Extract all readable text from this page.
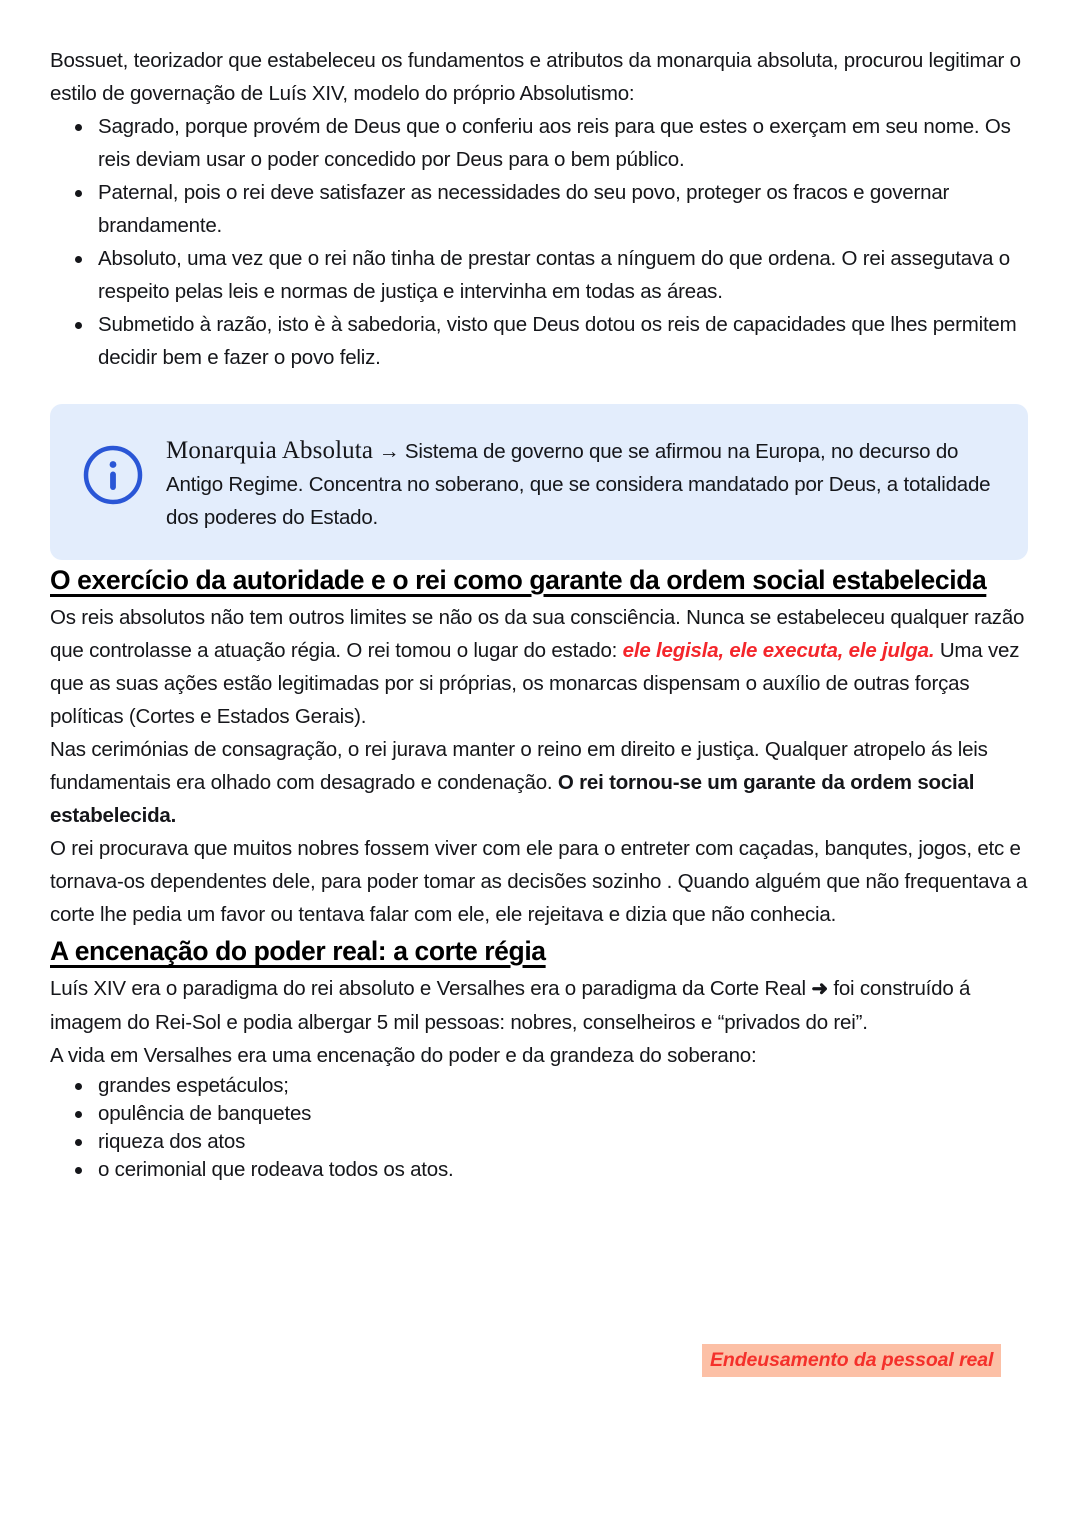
Bossuet, teorizador que estabeleceu os fundamentos e atributos da monarquia absoluta, procurou legitimar o estilo de governação de Luís XIV, modelo do próprio Absolutismo:

Sagrado, porque provém de Deus que o conferiu aos reis para que estes o exerçam em seu nome. Os reis deviam usar o poder concedido por Deus para o bem público.
Paternal, pois o rei deve satisfazer as necessidades do seu povo, proteger os fracos e governar brandamente.
Absoluto, uma vez que o rei não tinha de prestar contas a nínguem do que ordena. O rei assegutava o respeito pelas leis e normas de justiça e intervinha em todas as áreas.
Submetido à razão, isto è à sabedoria, visto que Deus dotou os reis de capacidades que lhes permitem decidir bem e fazer o povo feliz.
Monarquia Absoluta → Sistema de governo que se afirmou na Europa, no decurso do Antigo Regime. Concentra no soberano, que se considera mandatado por Deus, a totalidade dos poderes do Estado.
O exercício da autoridade e o rei como garante da ordem social estabelecida

Os reis absolutos não tem outros limites se não os da sua consciência. Nunca se estabeleceu qualquer razão que controlasse a atuação régia. O rei tomou o lugar do estado: ele legisla, ele executa, ele julga. Uma vez que as suas ações estão legitimadas por si próprias, os monarcas dispensam o auxílio de outras forças políticas (Cortes e Estados Gerais).

Nas cerimónias de consagração, o rei jurava manter o reino em direito e justiça. Qualquer atropelo ás leis fundamentais era olhado com desagrado e condenação. O rei tornou-se um garante da ordem social estabelecida.

O rei procurava que muitos nobres fossem viver com ele para o entreter com caçadas, banqutes, jogos, etc e tornava-os dependentes dele, para poder tomar as decisões sozinho . Quando alguém que não frequentava a corte lhe pedia um favor ou tentava falar com ele, ele rejeitava e dizia que não conhecia.

A encenação do poder real: a corte régia

Luís XIV era o paradigma do rei absoluto e Versalhes era o paradigma da Corte Real ➜ foi construído á imagem do Rei-Sol e podia albergar 5 mil pessoas: nobres, conselheiros e “privados do rei”.

A vida em Versalhes era uma encenação do poder e da grandeza do soberano:

grandes espetáculos;
opulência de banquetes
riqueza dos atos
o cerimonial que rodeava todos os atos.
Endeusamento da pessoal real
